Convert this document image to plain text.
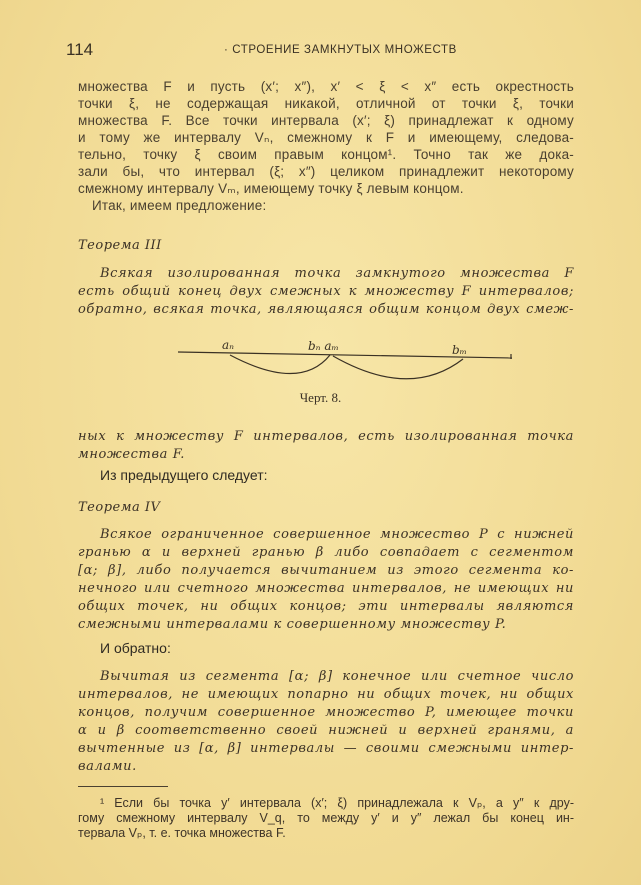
114	· СТРОЕНИЕ ЗАМКНУТЫХ МНОЖЕСТВ
множества F и пусть (x′; x″), x′ < ξ < x″ есть окрестность
точки ξ, не содержащая никакой, отличной от точки ξ, точки
множества F. Все точки интервала (x′; ξ) принадлежат к одному
и тому же интервалу Vₙ, смежному к F и имеющему, следова-
тельно, точку ξ своим правым концом¹. Точно так же дока-
зали бы, что интервал (ξ; x″) целиком принадлежит некоторому
смежному интервалу Vₘ, имеющему точку ξ левым концом.
Итак, имеем предложение:
Теорема III
Всякая изолированная точка замкнутого множества F
есть общий конец двух смежных к множеству F интервалов;
обратно, всякая точка, являющаяся общим концом двух смеж-
aₙ	bₙ aₘ	bₘ
Черт. 8.
ных к множеству F интервалов, есть изолированная точка
множества F.
Из предыдущего следует:
Теорема IV
Всякое ограниченное совершенное множество P с нижней
гранью α и верхней гранью β либо совпадает с сегментом
[α; β], либо получается вычитанием из этого сегмента ко-
нечного или счетного множества интервалов, не имеющих ни
общих точек, ни общих концов; эти интервалы являются
смежными интервалами к совершенному множеству P.
И обратно:
Вычитая из сегмента [α; β] конечное или счетное число
интервалов, не имеющих попарно ни общих точек, ни общих
концов, получим совершенное множество P, имеющее точки
α и β соответственно своей нижней и верхней гранями, а
вычтенные из [α, β] интервалы — своими смежными интер-
валами.
¹ Если бы точка y′ интервала (x′; ξ) принадлежала к Vₚ, а y″ к дру-
гому смежному интервалу V_q, то между y′ и y″ лежал бы конец ин-
тервала Vₚ, т. е. точка множества F.
